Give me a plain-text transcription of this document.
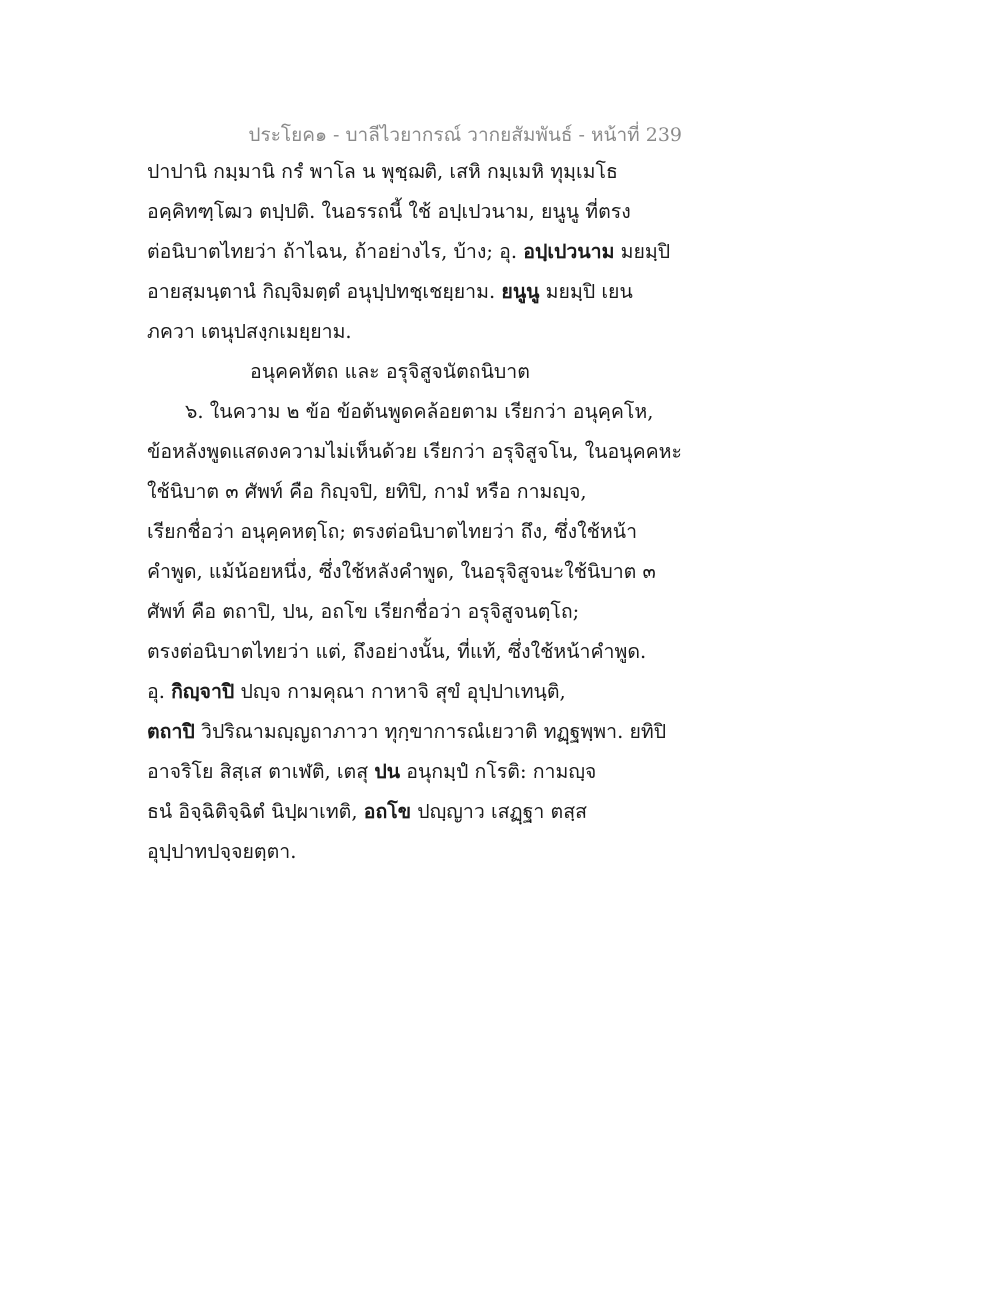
ประโยค๑ - บาลีไวยากรณ์ วากยสัมพันธ์ - หน้าที่ 239
ปาปานิ กมฺมานิ กรํ พาโล น พุชฺฌติ, เสหิ กมฺเมหิ ทุมฺเมโธ
อคฺคิทฑฺโฒว ตปฺปติ. ในอรรถนี้ ใช้ อปฺเปวนาม, ยนูนู ที่ตรง
ต่อนิบาตไทยว่า ถ้าไฉน, ถ้าอย่างไร, บ้าง; อุ. อปฺเปวนาม มยมฺปิ
อายสฺมนฺตานํ กิญฺจิมตฺตํ อนุปฺปทชฺเชยฺยาม. ยนูนู มยมฺปิ เยน
ภควา เตนุปสงฺกเมยฺยาม.
อนุคคหัตถ และ อรุจิสูจนัตถนิบาต
๖. ในความ ๒ ข้อ ข้อต้นพูดคล้อยตาม เรียกว่า อนุคฺคโห,
ข้อหลังพูดแสดงความไม่เห็นด้วย เรียกว่า อรุจิสูจโน, ในอนุคคหะ
ใช้นิบาต ๓ ศัพท์ คือ กิญฺจปิ, ยทิปิ, กามํ หรือ กามญฺจ,
เรียกชื่อว่า อนุคฺคหตฺโถ; ตรงต่อนิบาตไทยว่า ถึง, ซึ่งใช้หน้า
คำพูด, แม้น้อยหนึ่ง, ซึ่งใช้หลังคำพูด, ในอรุจิสูจนะใช้นิบาต ๓
ศัพท์ คือ ตถาปิ, ปน, อถโข เรียกชื่อว่า อรุจิสูจนตฺโถ;
ตรงต่อนิบาตไทยว่า แต่, ถึงอย่างนั้น, ที่แท้, ซึ่งใช้หน้าคำพูด.
อุ. กิญฺจาปิ ปญฺจ กามคุณา กาหาจิ สุขํ อุปฺปาเทนฺติ,
ตถาปิ วิปริณามญฺญถาภาวา ทุกฺขาการณํเยวาติ ทฏฺฐพฺพา. ยทิปิ
อาจริโย สิสฺเส ตาเฬติ, เตสุ ปน อนุกมฺปํ กโรติ: กามญฺจ
ธนํ อิจฺฉิติจฺฉิตํ นิปฺผาเทติ, อถโข ปญฺญาว เสฏฺฐา ตสฺส
อุปฺปาทปจฺจยตฺตา.
